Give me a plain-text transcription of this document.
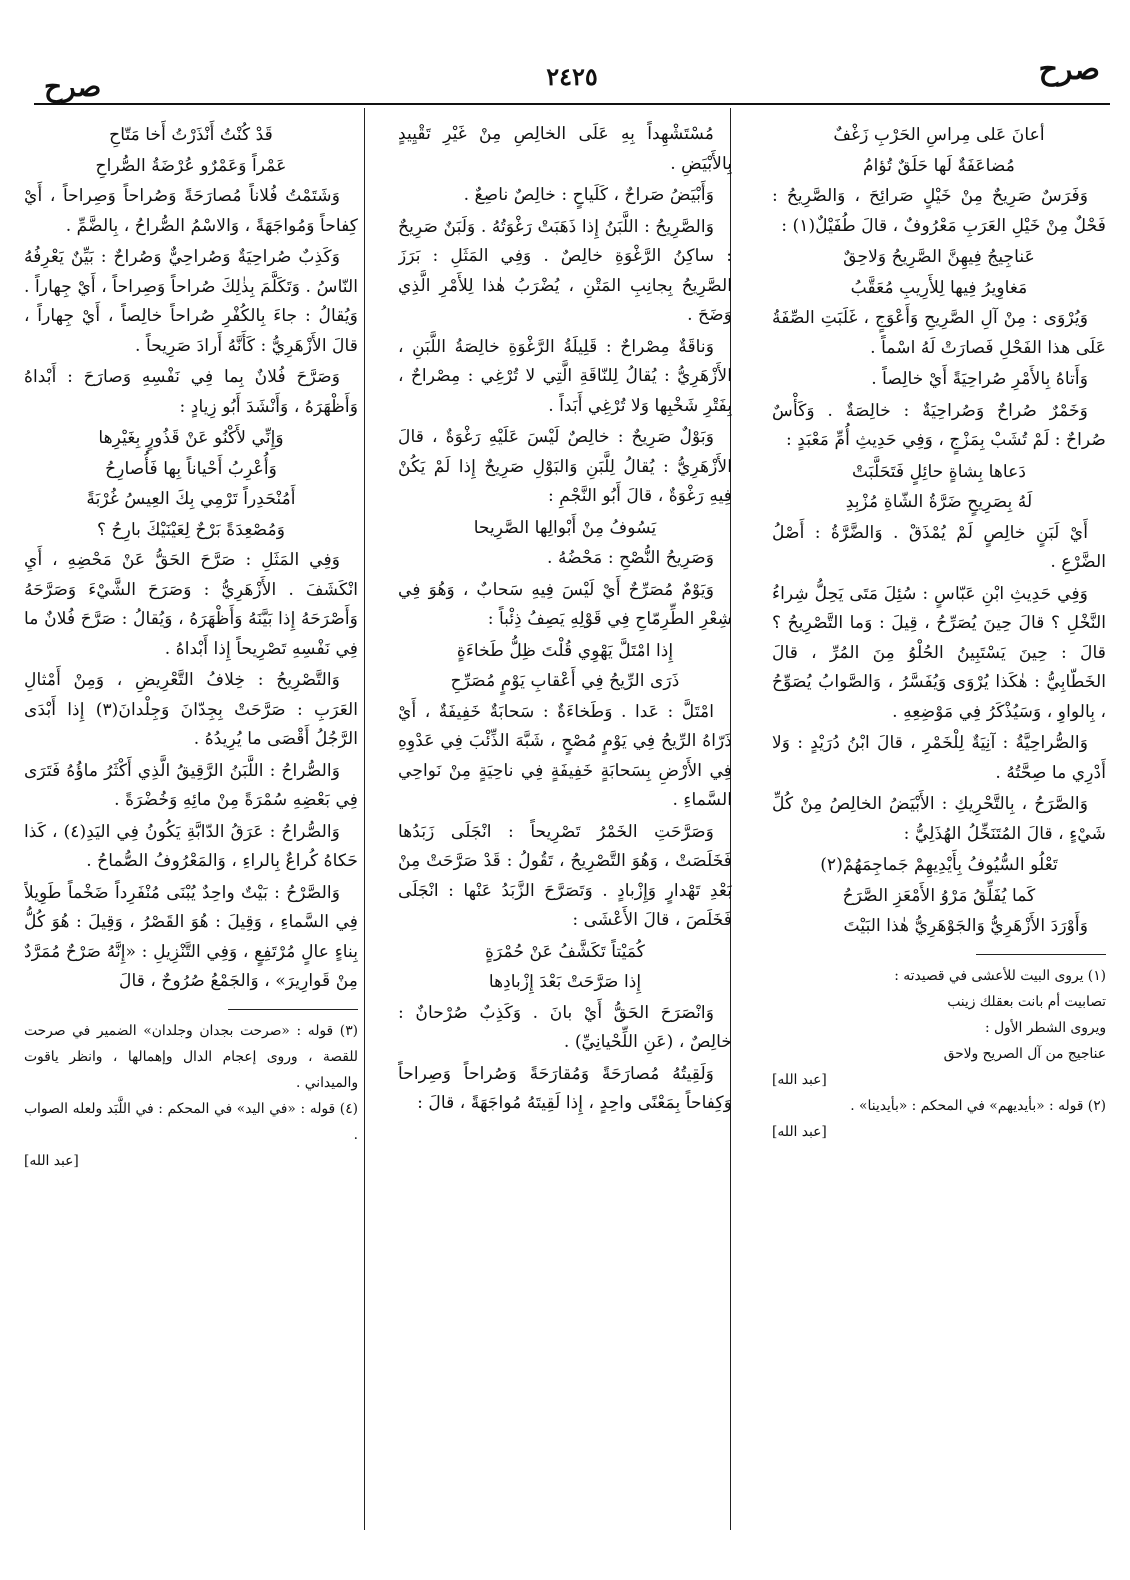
صرح
٢٤٢٥
صرح

أعانَ عَلى مِراسِ الحَرْبِ زَغْفٌ

مُضاعَفَةٌ لَها حَلَقٌ تُؤامُ

وَفَرَسٌ صَرِيحٌ مِنْ خَيْلٍ صَرائِحَ ، وَالصَّرِيحُ : فَحْلٌ مِنْ خَيْلِ العَرَبِ مَعْرُوفٌ ، قالَ طُفَيْلٌ(١) :

عَناجِيجُ فِيهِنَّ الصَّرِيحُ وَلاحِقٌ

مَغاوِيرُ فِيها لِلأَرِيبِ مُعَقَّبُ

وَيُرْوَى : مِنْ آلِ الصَّرِيحِ وَأَعْوَجٍ ، غَلَبَتِ الصِّفَةُ عَلَى هذا الفَحْلِ فَصارَتْ لَهُ اسْماً .

وَأَتاهُ بِالأَمْرِ صُراحِيَةً أَيْ خالِصاً .

وَخَمْرٌ صُراحٌ وَصُراحِيَةٌ : خالِصَةٌ . وَكَأْسٌ صُراحٌ : لَمْ تُشَبْ بِمَزْجٍ ، وَفِي حَدِيثِ أُمِّ مَعْبَدٍ :

دَعاها بِشاةٍ حائِلٍ فَتَحَلَّبَتْ

لَهُ بِصَرِيحٍ ضَرَّةُ الشّاةِ مُزْبِدِ

أَيْ لَبَنٍ خالِصٍ لَمْ يُمْذَقْ . وَالضَّرَّةُ : أَصْلُ الضَّرْعِ .

وَفِي حَدِيثِ ابْنِ عَبّاسٍ : سُئِلَ مَتَى يَحِلُّ شِراءُ النَّخْلِ ؟ قالَ حِينَ يُصَرِّحُ ، قِيلَ : وَما التَّصْرِيحُ ؟ قالَ : حِينَ يَسْتَبِينُ الحُلْوُ مِنَ المُرِّ ، قالَ الخَطّابِيُّ : هٰكَذا يُرْوَى وَيُفَسَّرُ ، وَالصَّوابُ يُصَوِّحُ ، بِالواوِ ، وَسَيُذْكَرُ فِي مَوْضِعِهِ .

وَالصُّراحِيَّةُ : آنِيَةٌ لِلْخَمْرِ ، قالَ ابْنُ دُرَيْدٍ : وَلا أَدْرِي ما صِحَّتُهُ .

وَالصَّرَحُ ، بِالتَّحْرِيكِ : الأَبْيَضُ الخالِصُ مِنْ كُلِّ شَيْءٍ ، قالَ المُتَنَخِّلُ الهُذَلِيُّ :

تَعْلُو السُّيُوفُ بِأَيْدِيهِمْ جَماجِمَهُمْ(٢)

كَما يُفَلِّقُ مَرْوُ الأَمْعَزِ الصَّرَحُ

وَأَوْرَدَ الأَزْهَرِيُّ وَالجَوْهَرِيُّ هٰذا البَيْتَ

(١) يروى البيت للأعشى في قصيدته :

تصابيت أم بانت بعقلك زينب

ويروى الشطر الأول :

عناجيج من آل الصريح ولاحق

[عبد الله]

(٢) قوله : «بأيديهم» في المحكم : «بأيدينا» .

[عبد الله]

مُسْتَشْهِداً بِهِ عَلَى الخالِصِ مِنْ غَيْرِ تَقْيِيدٍ بِالأَبْيَضِ .

وَأَبْيَضُ صَراحٌ ، كَلَياحٍ : خالِصٌ ناصِعٌ .

وَالصَّرِيحُ : اللَّبَنُ إِذا ذَهَبَتْ رَغْوَتُهُ . وَلَبَنٌ صَرِيحٌ : ساكِنُ الرَّغْوَةِ خالِصٌ . وَفِي المَثَلِ : بَرَزَ الصَّرِيحُ بِجانِبِ المَتْنِ ، يُضْرَبُ هٰذا لِلأَمْرِ الَّذِي وَضَحَ .

وَناقَةٌ مِصْراحٌ : قَلِيلَةُ الرَّغْوَةِ خالِصَةُ اللَّبَنِ ، الأَزْهَرِيُّ : يُقالُ لِلنّاقَةِ الَّتِي لا تُرْغِي : مِصْراحٌ ، بِفَتْرِ شَخْبِها وَلا تُرْغِي أَبَداً .

وَبَوْلٌ صَرِيحٌ : خالِصٌ لَيْسَ عَلَيْهِ رَغْوَةٌ ، قالَ الأَزْهَرِيُّ : يُقالُ لِلَّبَنِ وَالبَوْلِ صَرِيحٌ إِذا لَمْ يَكُنْ فِيهِ رَغْوَةٌ ، قالَ أَبُو النَّجْمِ :

يَسُوفُ مِنْ أَبْوالِها الصَّرِيحا

وَصَرِيحُ النُّصْحِ : مَحْضُهُ .

وَيَوْمٌ مُصَرِّحٌ أَيْ لَيْسَ فِيهِ سَحابٌ ، وَهُوَ فِي شِعْرِ الطِّرِمّاحِ فِي قَوْلِهِ يَصِفُ ذِئْباً :

إِذا امْتَلَّ يَهْوِي قُلْتَ ظِلُّ طَخاءَةٍ

ذَرَى الرِّيحُ فِي أَعْقابِ يَوْمٍ مُصَرِّحِ

امْتَلَّ : عَدا . وَطَخاءَةٌ : سَحابَةٌ خَفِيفَةٌ ، أَيْ ذَرّاهُ الرِّيحُ فِي يَوْمٍ مُصْحٍ ، شَبَّهَ الذِّئْبَ فِي عَدْوِهِ فِي الأَرْضِ بِسَحابَةٍ خَفِيفَةٍ فِي ناحِيَةٍ مِنْ نَواحِي السَّماءِ .

وَصَرَّحَتِ الخَمْرُ تَصْرِيحاً : انْجَلَى زَبَدُها فَخَلَصَتْ ، وَهُوَ التَّصْرِيحُ ، تَقُولُ : قَدْ صَرَّحَتْ مِنْ بَعْدِ تَهْدارٍ وَإِزْبادٍ . وَتَصَرَّحَ الزَّبَدُ عَنْها : انْجَلَى فَخَلَصَ ، قالَ الأَعْشَى :

كُمَيْتاً تَكَشَّفُ عَنْ حُمْرَةٍ

إِذا صَرَّحَتْ بَعْدَ إِزْبادِها

وَانْصَرَحَ الحَقُّ أَيْ بانَ . وَكَذِبٌ صُرْحانٌ : خالِصٌ ، (عَنِ اللِّحْيانِيِّ) .

وَلَقِيتُهُ مُصارَحَةً وَمُقارَحَةً وَصُراحاً وَصِراحاً وَكِفاحاً بِمَعْنًى واحِدٍ ، إِذا لَقِيتَهُ مُواجَهَةً ، قالَ :

قَدْ كُنْتُ أَنْذَرْتُ أَخا مَتّاحِ

عَمْراً وَعَمْرٌو عُرْضَةُ الصُّراحِ

وَشَتَمْتُ فُلاناً مُصارَحَةً وَصُراحاً وَصِراحاً ، أَيْ كِفاحاً وَمُواجَهَةً ، وَالاسْمُ الصُّراحُ ، بِالضَّمِّ .

وَكَذِبٌ صُراحِيَةٌ وَصُراحِيٌّ وَصُراحٌ : بَيِّنٌ يَعْرِفُهُ النّاسُ . وَتَكَلَّمَ بِذٰلِكَ صُراحاً وَصِراحاً ، أَيْ جِهاراً . وَيُقالُ : جاءَ بِالكُفْرِ صُراحاً خالِصاً ، أَيْ جِهاراً ، قالَ الأَزْهَرِيُّ : كَأَنَّهُ أَرادَ صَرِيحاً .

وَصَرَّحَ فُلانٌ بِما فِي نَفْسِهِ وَصارَحَ : أَبْداهُ وَأَظْهَرَهُ ، وَأَنْشَدَ أَبُو زِيادٍ :

وَإِنِّي لأَكْنُو عَنْ قَذُورٍ بِغَيْرِها

وَأُعْرِبُ أَحْياناً بِها فَأُصارِحُ

أَمُنْحَدِراً تَرْمِي بِكَ العِيسُ غُرْبَةً

وَمُصْعِدَةً بَرْحٌ لِعَيْنَيْكَ بارِحُ ؟

وَفِي المَثَلِ : صَرَّحَ الحَقُّ عَنْ مَحْضِهِ ، أَيِ انْكَشَفَ . الأَزْهَرِيُّ : وَصَرَحَ الشَّيْءَ وَصَرَّحَهُ وَأَصْرَحَهُ إِذا بَيَّنَهُ وَأَظْهَرَهُ ، وَيُقالُ : صَرَّحَ فُلانٌ ما فِي نَفْسِهِ تَصْرِيحاً إِذا أَبْداهُ .

وَالتَّصْرِيحُ : خِلافُ التَّعْرِيضِ ، وَمِنْ أَمْثالِ العَرَبِ : صَرَّحَتْ بِجِدّانَ وَجِلْدانَ(٣) إِذا أَبْدَى الرَّجُلُ أَقْصَى ما يُرِيدُهُ .

وَالصُّراحُ : اللَّبَنُ الرَّقِيقُ الَّذِي أَكْثَرُ ماؤُهُ فَتَرَى فِي بَعْضِهِ سُمْرَةً مِنْ مائِهِ وَخُضْرَةً .

وَالصُّراحُ : عَرَقُ الدّابَّةِ يَكُونُ فِي اليَدِ(٤) ، كَذا حَكاهُ كُراعٌ بِالراءِ ، وَالمَعْرُوفُ الصُّماحُ .

وَالصَّرْحُ : بَيْتٌ واحِدٌ يُبْنَى مُنْفَرِداً ضَخْماً طَوِيلاً فِي السَّماءِ ، وَقِيلَ : هُوَ القَصْرُ ، وَقِيلَ : هُوَ كُلُّ بِناءٍ عالٍ مُرْتَفِعٍ ، وَفِي التَّنْزِيلِ : «إِنَّهُ صَرْحٌ مُمَرَّدٌ مِنْ قَوارِيرَ» ، وَالجَمْعُ صُرُوحٌ ، قالَ

(٣) قوله : «صرحت بجدان وجلدان» الضمير في صرحت للقصة ، وروى إعجام الدال وإهمالها ، وانظر ياقوت والميداني .

(٤) قوله : «في اليد» في المحكم : في اللَّبَد ولعله الصواب .

[عبد الله]
